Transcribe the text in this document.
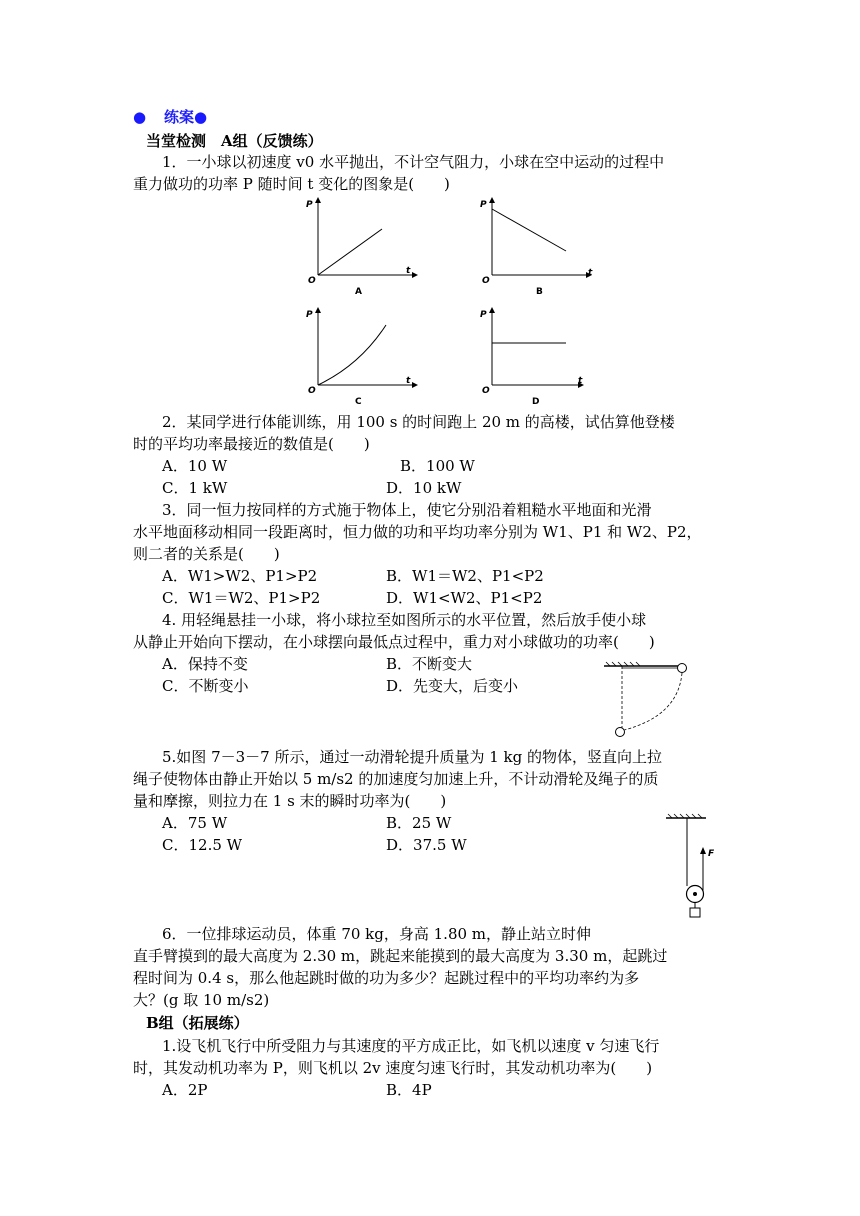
● 练案●
当堂检测　A组（反馈练）
1．一小球以初速度 v0 水平抛出，不计空气阻力，小球在空中运动的过程中
重力做功的功率 P 随时间 t 变化的图象是(　　)
P
t
O
A
P
t
O
B
P
t
O
C
P
t
O
D
2．某同学进行体能训练，用 100 s 的时间跑上 20 m 的高楼，试估算他登楼
时的平均功率最接近的数值是(　　)
A．10 W	B．100 W
C．1 kW	D．10 kW
3．同一恒力按同样的方式施于物体上，使它分别沿着粗糙水平地面和光滑
水平地面移动相同一段距离时，恒力做的功和平均功率分别为 W1、P1 和 W2、P2，
则二者的关系是(　　)
A．W1>W2、P1>P2	B．W1＝W2、P1<P2
C．W1＝W2、P1>P2	D．W1<W2、P1<P2
4. 用轻绳悬挂一小球，将小球拉至如图所示的水平位置，然后放手使小球
从静止开始向下摆动，在小球摆向最低点过程中，重力对小球做功的功率(　　)
A．保持不变	B．不断变大
C．不断变小	D．先变大，后变小
5.如图 7－3－7 所示，通过一动滑轮提升质量为 1 kg 的物体，竖直向上拉
绳子使物体由静止开始以 5 m/s2 的加速度匀加速上升，不计动滑轮及绳子的质
量和摩擦，则拉力在 1 s 末的瞬时功率为(　　)
A．75 W	B．25 W
C．12.5 W	D．37.5 W	F
6．一位排球运动员，体重 70 kg，身高 1.80 m，静止站立时伸
直手臂摸到的最大高度为 2.30 m，跳起来能摸到的最大高度为 3.30 m，起跳过
程时间为 0.4 s，那么他起跳时做的功为多少？起跳过程中的平均功率约为多
大？(g 取 10 m/s2)
B组（拓展练）
1.设飞机飞行中所受阻力与其速度的平方成正比，如飞机以速度 v 匀速飞行
时，其发动机功率为 P，则飞机以 2v 速度匀速飞行时，其发动机功率为(　　)
A．2P	B．4P
